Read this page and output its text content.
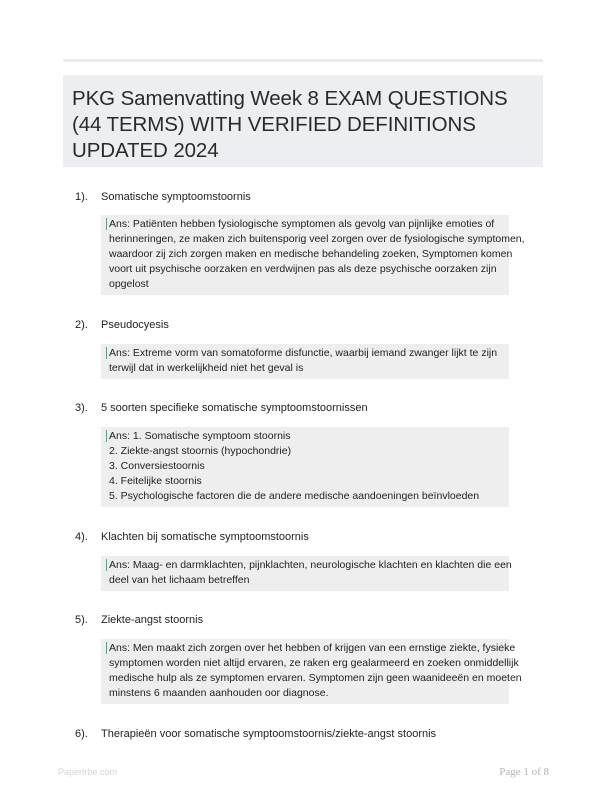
PKG Samenvatting Week 8 EXAM QUESTIONS (44 TERMS) WITH VERIFIED DEFINITIONS UPDATED 2024
1). Somatische symptoomstoornis
Ans: Patiënten hebben fysiologische symptomen als gevolg van pijnlijke emoties of
herinneringen, ze maken zich buitensporig veel zorgen over de fysiologische symptomen,
waardoor zij zich zorgen maken en medische behandeling zoeken, Symptomen komen
voort uit psychische oorzaken en verdwijnen pas als deze psychische oorzaken zijn
opgelost
2). Pseudocyesis
Ans: Extreme vorm van somatoforme disfunctie, waarbij iemand zwanger lijkt te zijn
terwijl dat in werkelijkheid niet het geval is
3). 5 soorten specifieke somatische symptoomstoornissen
Ans: 1. Somatische symptoom stoornis
2. Ziekte-angst stoornis (hypochondrie)
3. Conversiestoornis
4. Feitelijke stoornis
5. Psychologische factoren die de andere medische aandoeningen beïnvloeden
4). Klachten bij somatische symptoomstoornis
Ans: Maag- en darmklachten, pijnklachten, neurologische klachten en klachten die een
deel van het lichaam betreffen
5). Ziekte-angst stoornis
Ans: Men maakt zich zorgen over het hebben of krijgen van een ernstige ziekte, fysieke
symptomen worden niet altijd ervaren, ze raken erg gealarmeerd en zoeken onmiddellijk
medische hulp als ze symptomen ervaren. Symptomen zijn geen waanideeën en moeten
minstens 6 maanden aanhouden oor diagnose.
6). Therapieën voor somatische symptoomstoornis/ziekte-angst stoornis
Papertrbe.com	Page 1 of 8
